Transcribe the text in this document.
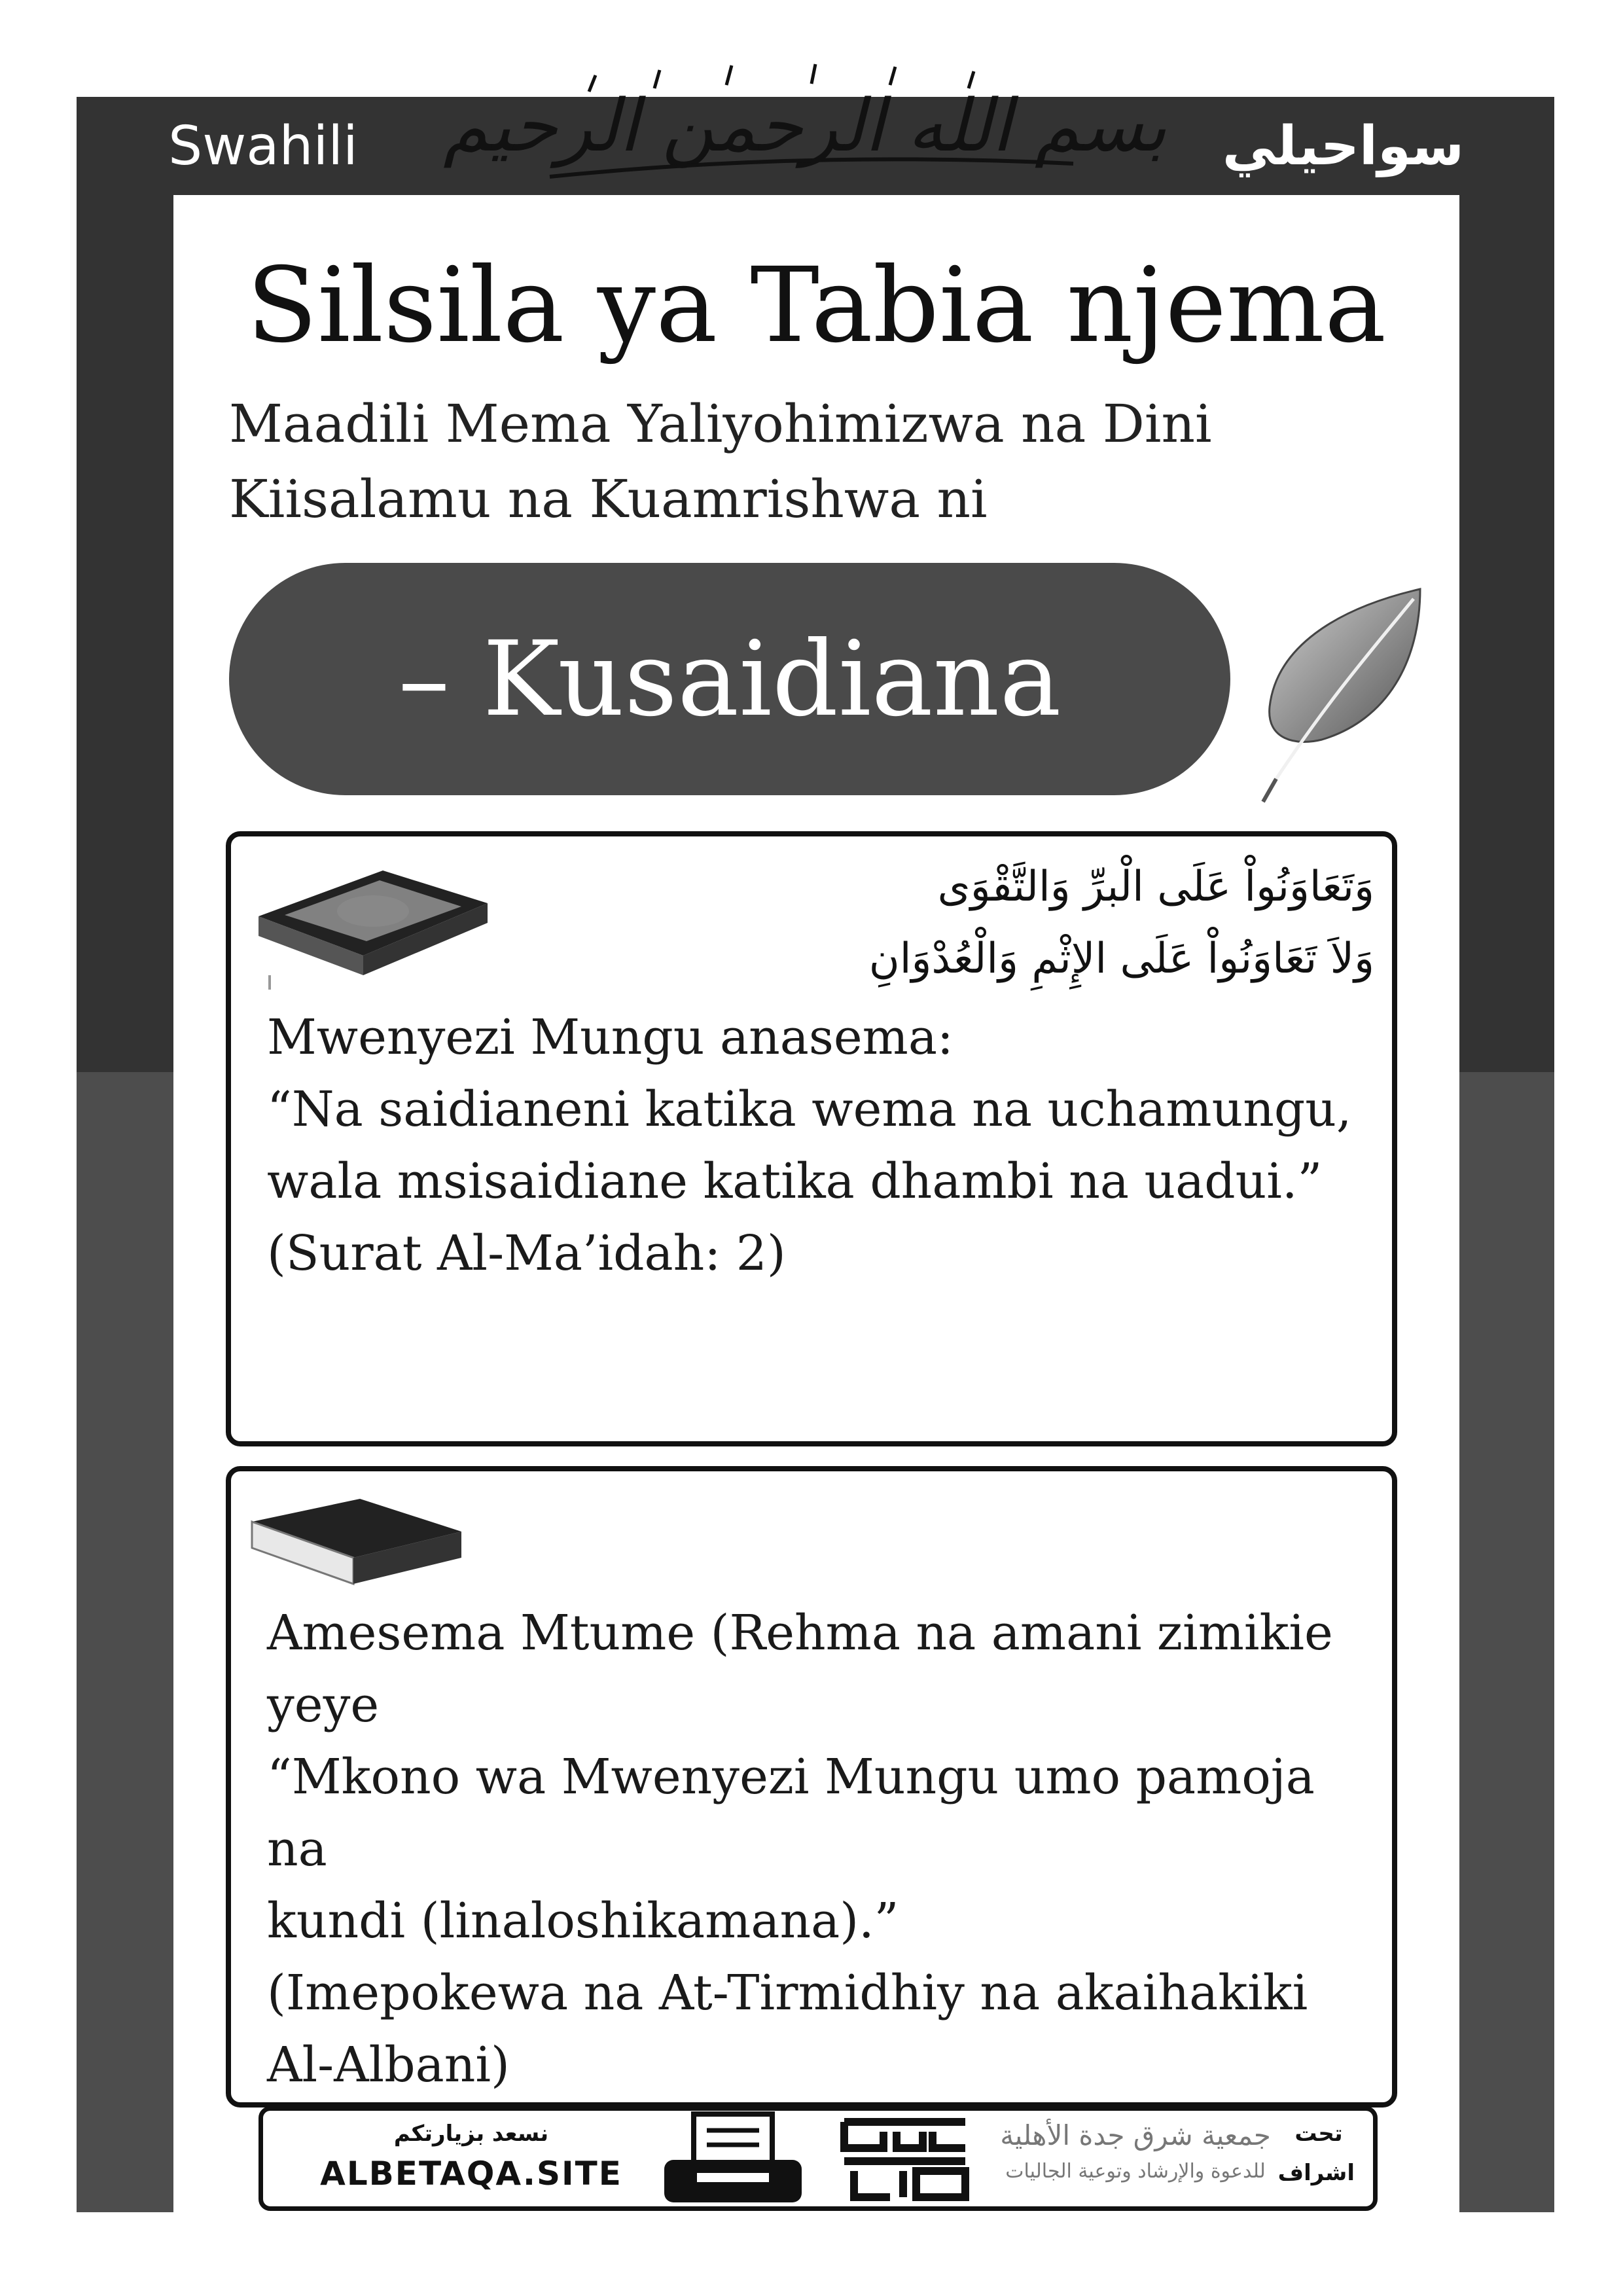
Swahili	سواحيلي
بسم الله الرحمن الرحيم
Silsila ya Tabia njema
Maadili Mema Yaliyohimizwa na Dini
Kiisalamu na Kuamrishwa ni
– Kusaidiana
وَتَعَاوَنُواْ عَلَى الْبرِّ وَالتَّقْوَى
وَلاَ تَعَاوَنُواْ عَلَى الإِثْمِ وَالْعُدْوَانِ
Mwenyezi Mungu anasema:
“Na saidianeni katika wema na uchamungu,
wala msisaidiane katika dhambi na uadui.”
(Surat Al-Ma’idah: 2)
Amesema Mtume (Rehma na amani zimikie yeye
“Mkono wa Mwenyezi Mungu umo pamoja na
kundi (linaloshikamana).”
(Imepokewa na At-Tirmidhiy na akaihakiki
Al-Albani)
نسعد بزيارتكم
ALBETAQA.SITE
دعوة الورقة
جمعية شرق جدة الأهلية
للدعوة والإرشاد وتوعية الجاليات
تحت
اشراف
